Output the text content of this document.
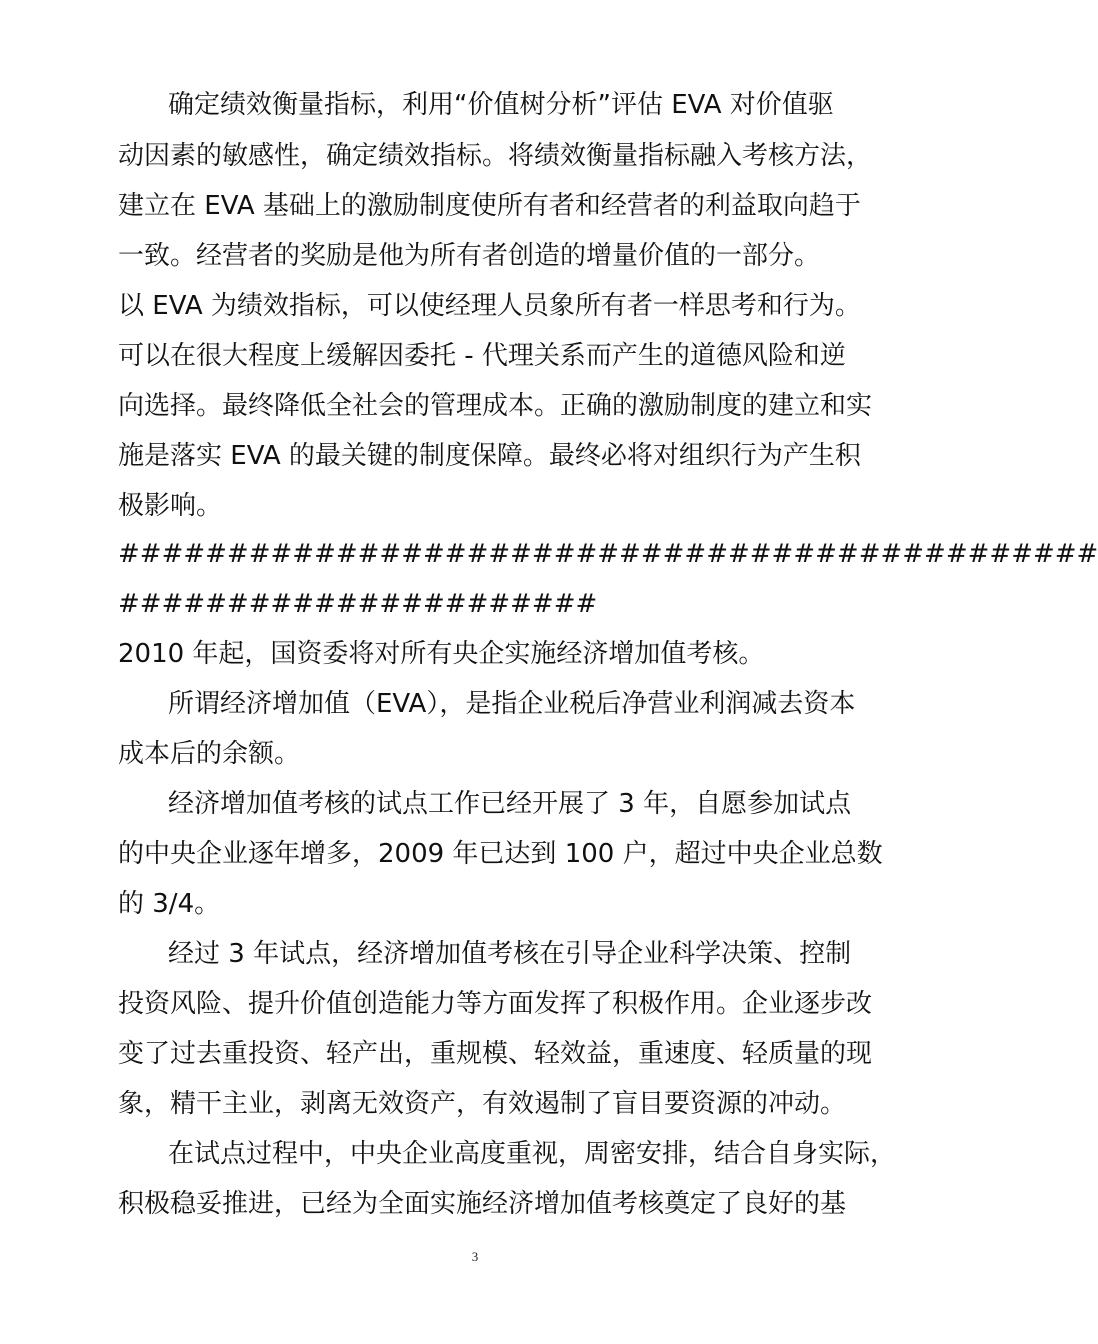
确定绩效衡量指标，利用“价值树分析”评估 EVA 对价值驱
动因素的敏感性，确定绩效指标。将绩效衡量指标融入考核方法，
建立在 EVA 基础上的激励制度使所有者和经营者的利益取向趋于
一致。经营者的奖励是他为所有者创造的增量价值的一部分。
以 EVA 为绩效指标，可以使经理人员象所有者一样思考和行为。
可以在很大程度上缓解因委托 - 代理关系而产生的道德风险和逆
向选择。最终降低全社会的管理成本。正确的激励制度的建立和实
施是落实 EVA 的最关键的制度保障。最终必将对组织行为产生积
极影响。
#############################################
######################
2010 年起，国资委将对所有央企实施经济增加值考核。
所谓经济增加值（EVA），是指企业税后净营业利润减去资本
成本后的余额。
经济增加值考核的试点工作已经开展了 3 年，自愿参加试点
的中央企业逐年增多，2009 年已达到 100 户，超过中央企业总数
的 3/4。
经过 3 年试点，经济增加值考核在引导企业科学决策、控制
投资风险、提升价值创造能力等方面发挥了积极作用。企业逐步改
变了过去重投资、轻产出，重规模、轻效益，重速度、轻质量的现
象，精干主业，剥离无效资产，有效遏制了盲目要资源的冲动。
在试点过程中，中央企业高度重视，周密安排，结合自身实际，
积极稳妥推进，已经为全面实施经济增加值考核奠定了良好的基
3
